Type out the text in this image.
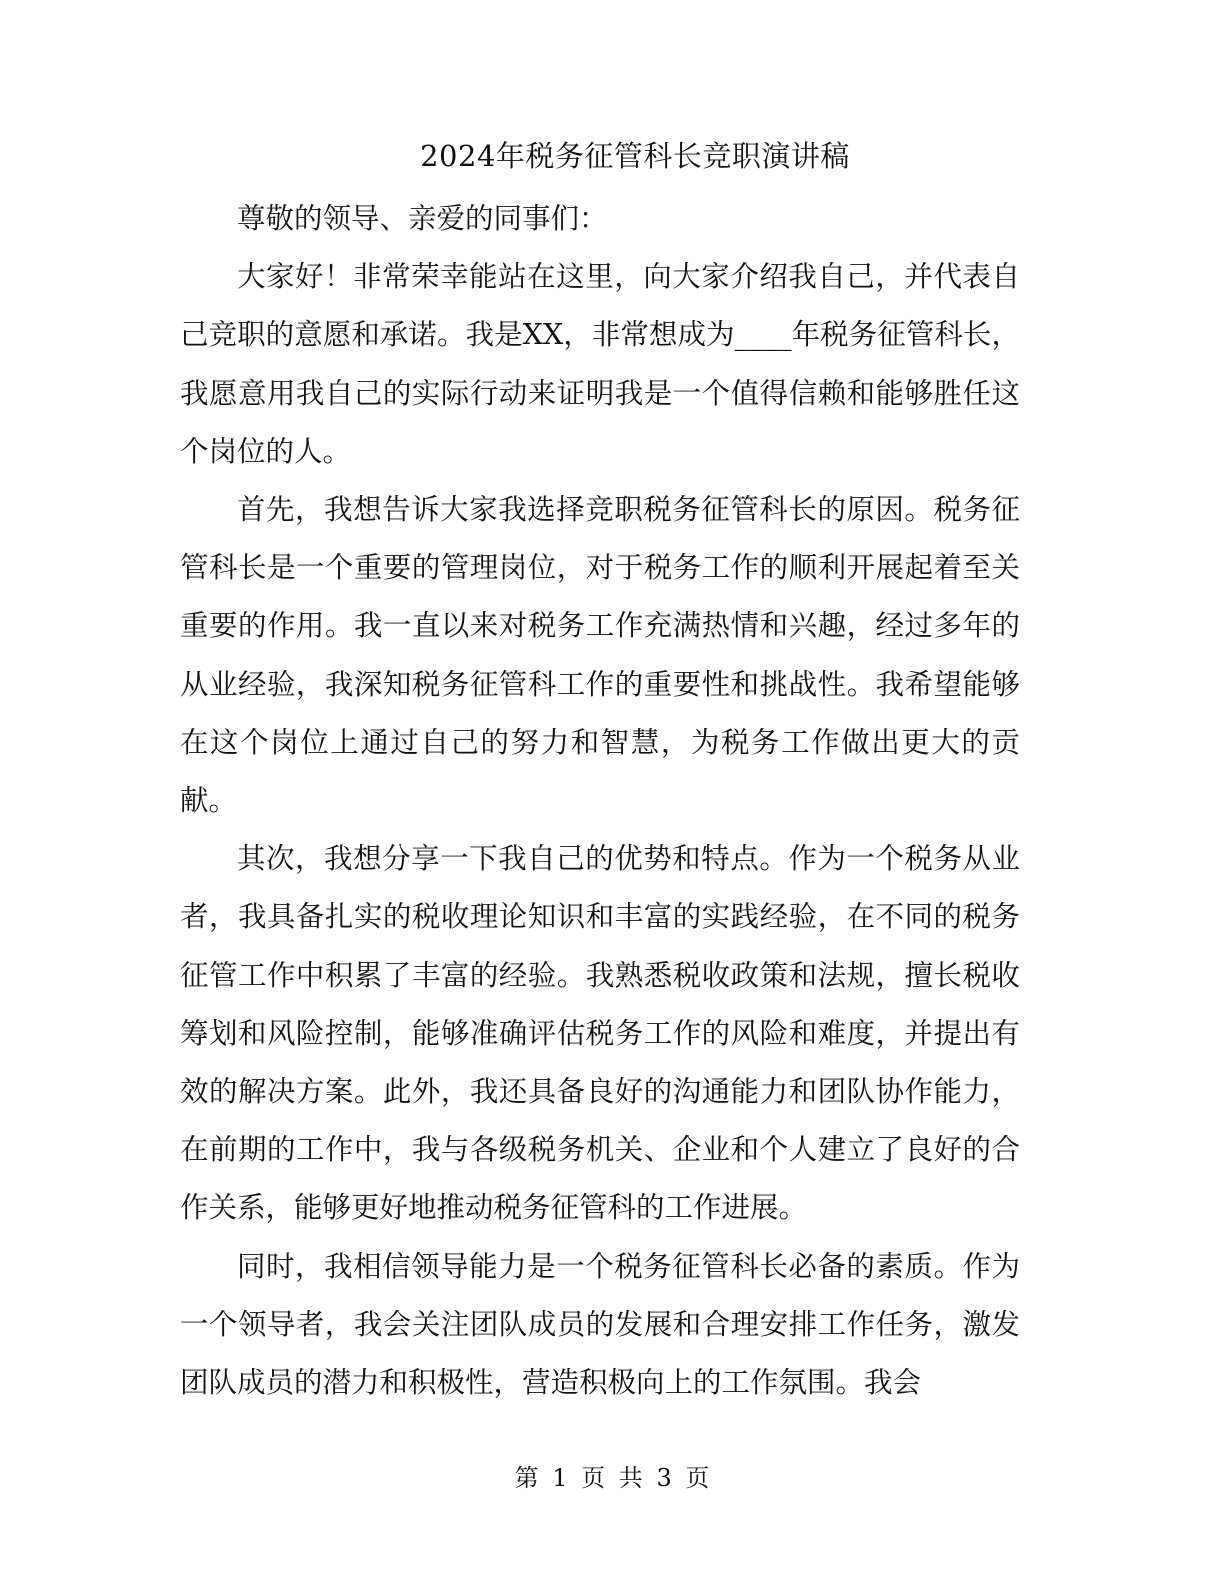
2024年税务征管科长竞职演讲稿

尊敬的领导、亲爱的同事们：

大家好！非常荣幸能站在这里，向大家介绍我自己，并代表自己竞职的意愿和承诺。我是XX，非常想成为____年税务征管科长，我愿意用我自己的实际行动来证明我是一个值得信赖和能够胜任这个岗位的人。

首先，我想告诉大家我选择竞职税务征管科长的原因。税务征管科长是一个重要的管理岗位，对于税务工作的顺利开展起着至关重要的作用。我一直以来对税务工作充满热情和兴趣，经过多年的从业经验，我深知税务征管科工作的重要性和挑战性。我希望能够在这个岗位上通过自己的努力和智慧，为税务工作做出更大的贡献。

其次，我想分享一下我自己的优势和特点。作为一个税务从业者，我具备扎实的税收理论知识和丰富的实践经验，在不同的税务征管工作中积累了丰富的经验。我熟悉税收政策和法规，擅长税收筹划和风险控制，能够准确评估税务工作的风险和难度，并提出有效的解决方案。此外，我还具备良好的沟通能力和团队协作能力，在前期的工作中，我与各级税务机关、企业和个人建立了良好的合作关系，能够更好地推动税务征管科的工作进展。

同时，我相信领导能力是一个税务征管科长必备的素质。作为一个领导者，我会关注团队成员的发展和合理安排工作任务，激发团队成员的潜力和积极性，营造积极向上的工作氛围。我会

第 1 页 共 3 页
